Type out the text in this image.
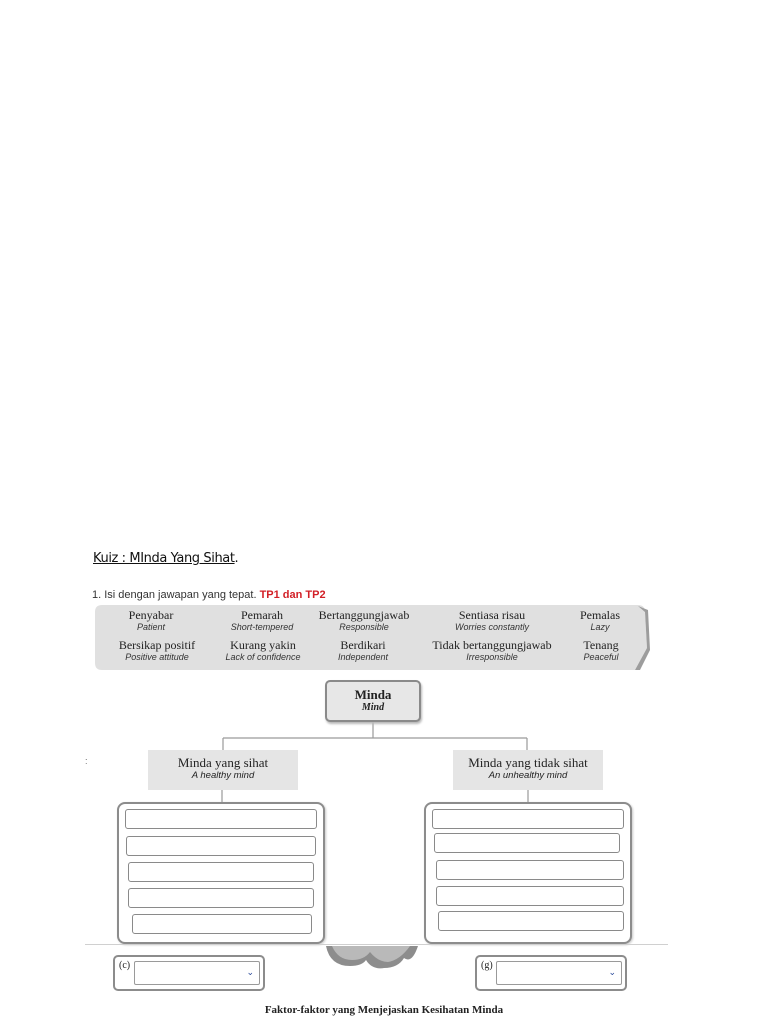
Kuiz : MInda Yang Sihat.
1. Isi dengan jawapan yang tepat. TP1 dan TP2
Penyabar
Patient
Pemarah
Short-tempered
Bertanggungjawab
Responsible
Sentiasa risau
Worries constantly
Pemalas
Lazy
Bersikap positif
Positive attitude
Kurang yakin
Lack of confidence
Berdikari
Independent
Tidak bertanggungjawab
Irresponsible
Tenang
Peaceful
Minda
Mind
Minda yang sihat
A healthy mind
Minda yang tidak sihat
An unhealthy mind
:
(c)
⌄
(g)
⌄
Faktor-faktor yang Menjejaskan Kesihatan Minda
